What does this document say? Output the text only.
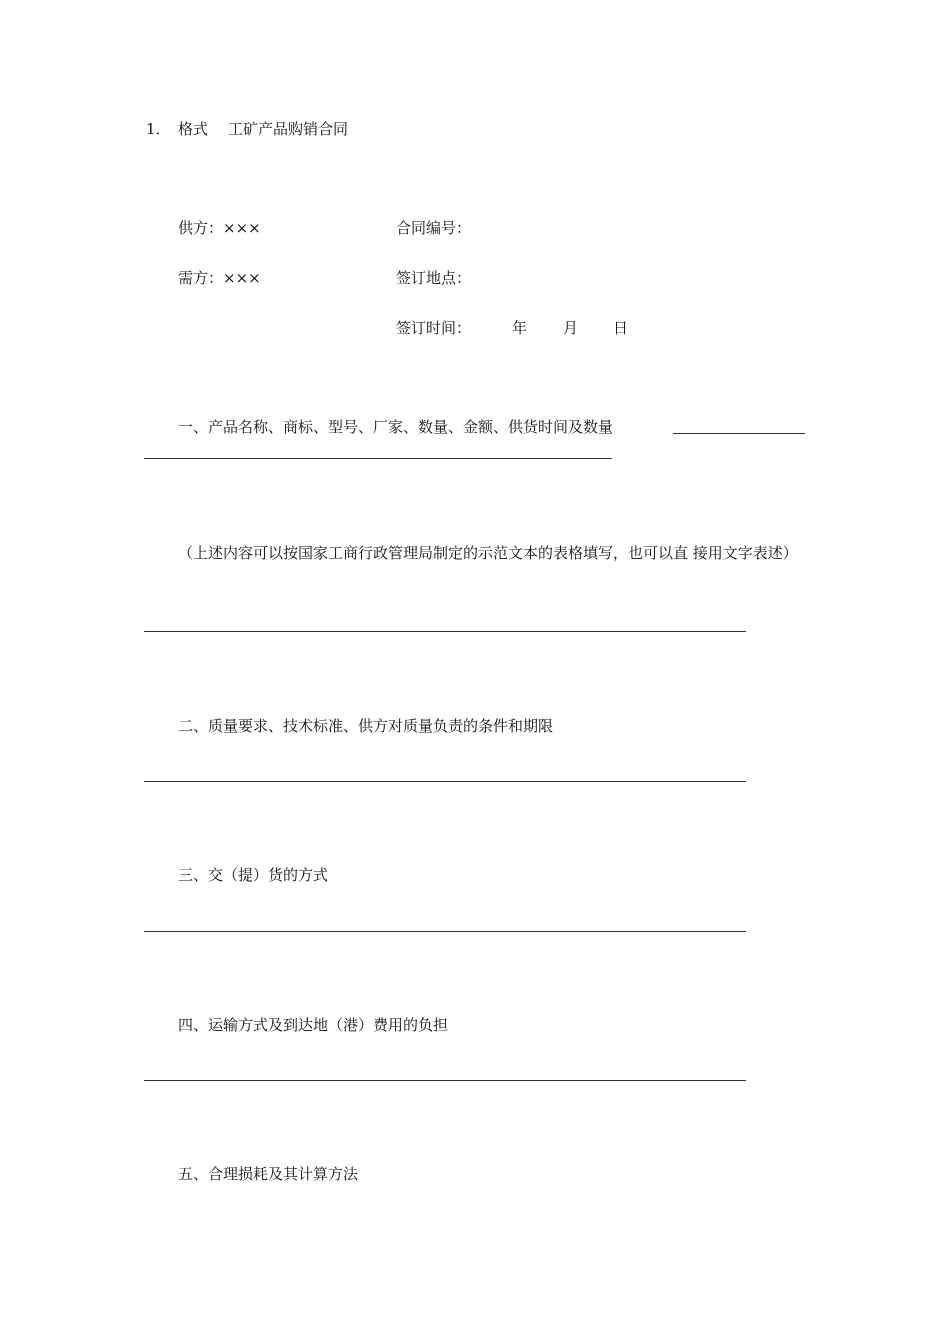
1． 格式 工矿产品购销合同
供方：×××	合同编号：
需方：×××	签订地点：
签订时间：	年 月 日
一、产品名称、商标、型号、厂家、数量、金额、供货时间及数量
（上述内容可以按国家工商行政管理局制定的示范文本的表格填写，也可以直 接用文字表述）
二、质量要求、技术标准、供方对质量负责的条件和期限
三、交（提）货的方式
四、运输方式及到达地（港）费用的负担
五、合理损耗及其计算方法
